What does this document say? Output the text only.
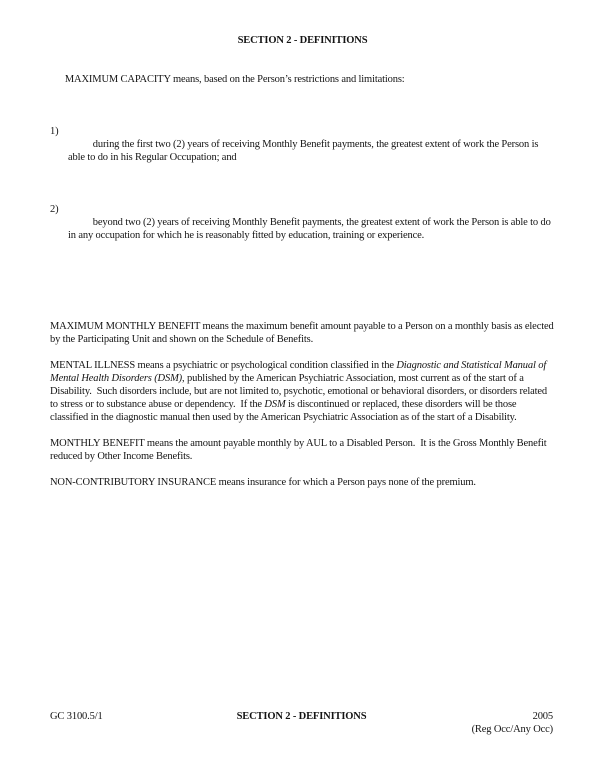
SECTION 2 - DEFINITIONS

MAXIMUM CAPACITY means, based on the Person’s restrictions and limitations:

1)
during the first two (2) years of receiving Monthly Benefit payments, the greatest extent of work the Person is able to do in his Regular Occupation; and

2)
beyond two (2) years of receiving Monthly Benefit payments, the greatest extent of work the Person is able to do in any occupation for which he is reasonably fitted by education, training or experience.

MAXIMUM MONTHLY BENEFIT means the maximum benefit amount payable to a Person on a monthly basis as elected by the Participating Unit and shown on the Schedule of Benefits.
MENTAL ILLNESS means a psychiatric or psychological condition classified in the Diagnostic and Statistical Manual of Mental Health Disorders (DSM), published by the American Psychiatric Association, most current as of the start of a Disability.  Such disorders include, but are not limited to, psychotic, emotional or behavioral disorders, or disorders related to stress or to substance abuse or dependency.  If the DSM is discontinued or replaced, these disorders will be those classified in the diagnostic manual then used by the American Psychiatric Association as of the start of a Disability.
MONTHLY BENEFIT means the amount payable monthly by AUL to a Disabled Person.  It is the Gross Monthly Benefit reduced by Other Income Benefits.
NON-CONTRIBUTORY INSURANCE means insurance for which a Person pays none of the premium.
GC 3100.5/1	SECTION 2 - DEFINITIONS	2005
(Reg Occ/Any Occ)
